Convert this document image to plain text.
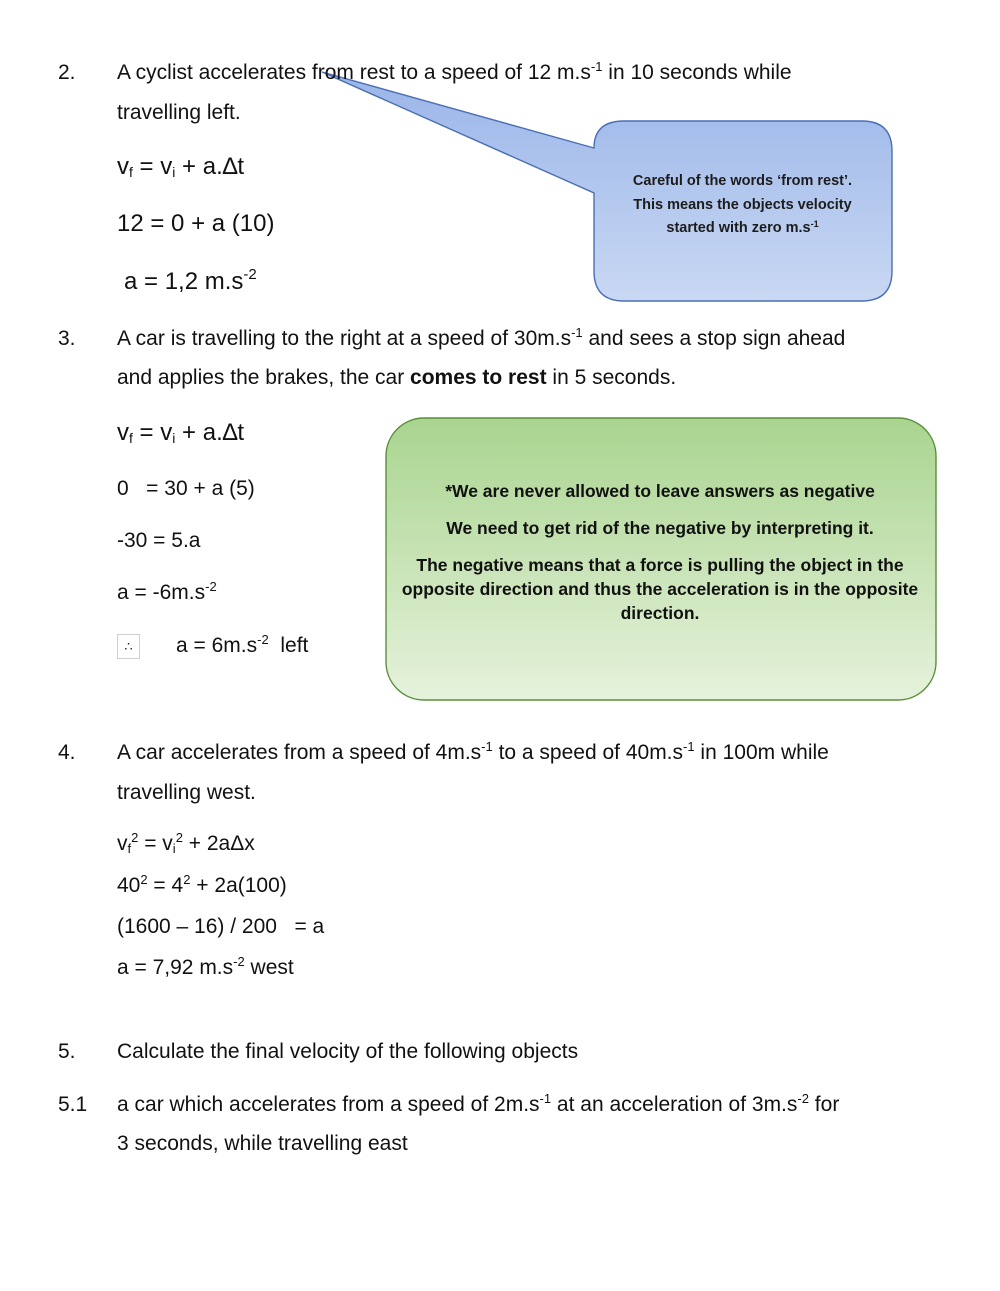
2. A cyclist accelerates from rest to a speed of 12 $m.s^{-1}$ in 10 seconds while
travelling left.
$v_f = v_i + a.\Delta t$
12 = 0 + a (10)
a = 1,2 $m.s^{-2}$
Careful of the words ‘from rest’.
This means the objects velocity
started with zero $m.s^{-1}$
3. A car is travelling to the right at a speed of $30m.s^{-1}$ and sees a stop sign ahead
and applies the brakes, the car comes to rest in 5 seconds.
$v_f = v_i + a.\Delta t$
0   = 30 + a (5)
-30 = 5.a
$a = -6m.s^{-2}$
∴	$a = 6m.s^{-2}$  left

*We are never allowed to leave answers as negative

We need to get rid of the negative by interpreting it.

The negative means that a force is pulling the object in the opposite direction and thus the acceleration is in the opposite direction.

4. A car accelerates from a speed of $4m.s^{-1}$ to a speed of $40m.s^{-1}$ in 100m while
travelling west.
$v_f^2 = v_i^2 + 2a\Delta x$
$40^2 = 4^2 + 2a(100)$
(1600 – 16) / 200   = a
a = 7,92 $m.s^{-2}$ west
5. Calculate the final velocity of the following objects
5.1 a car which accelerates from a speed of $2m.s^{-1}$ at an acceleration of $3m.s^{-2}$ for
3 seconds, while travelling east
